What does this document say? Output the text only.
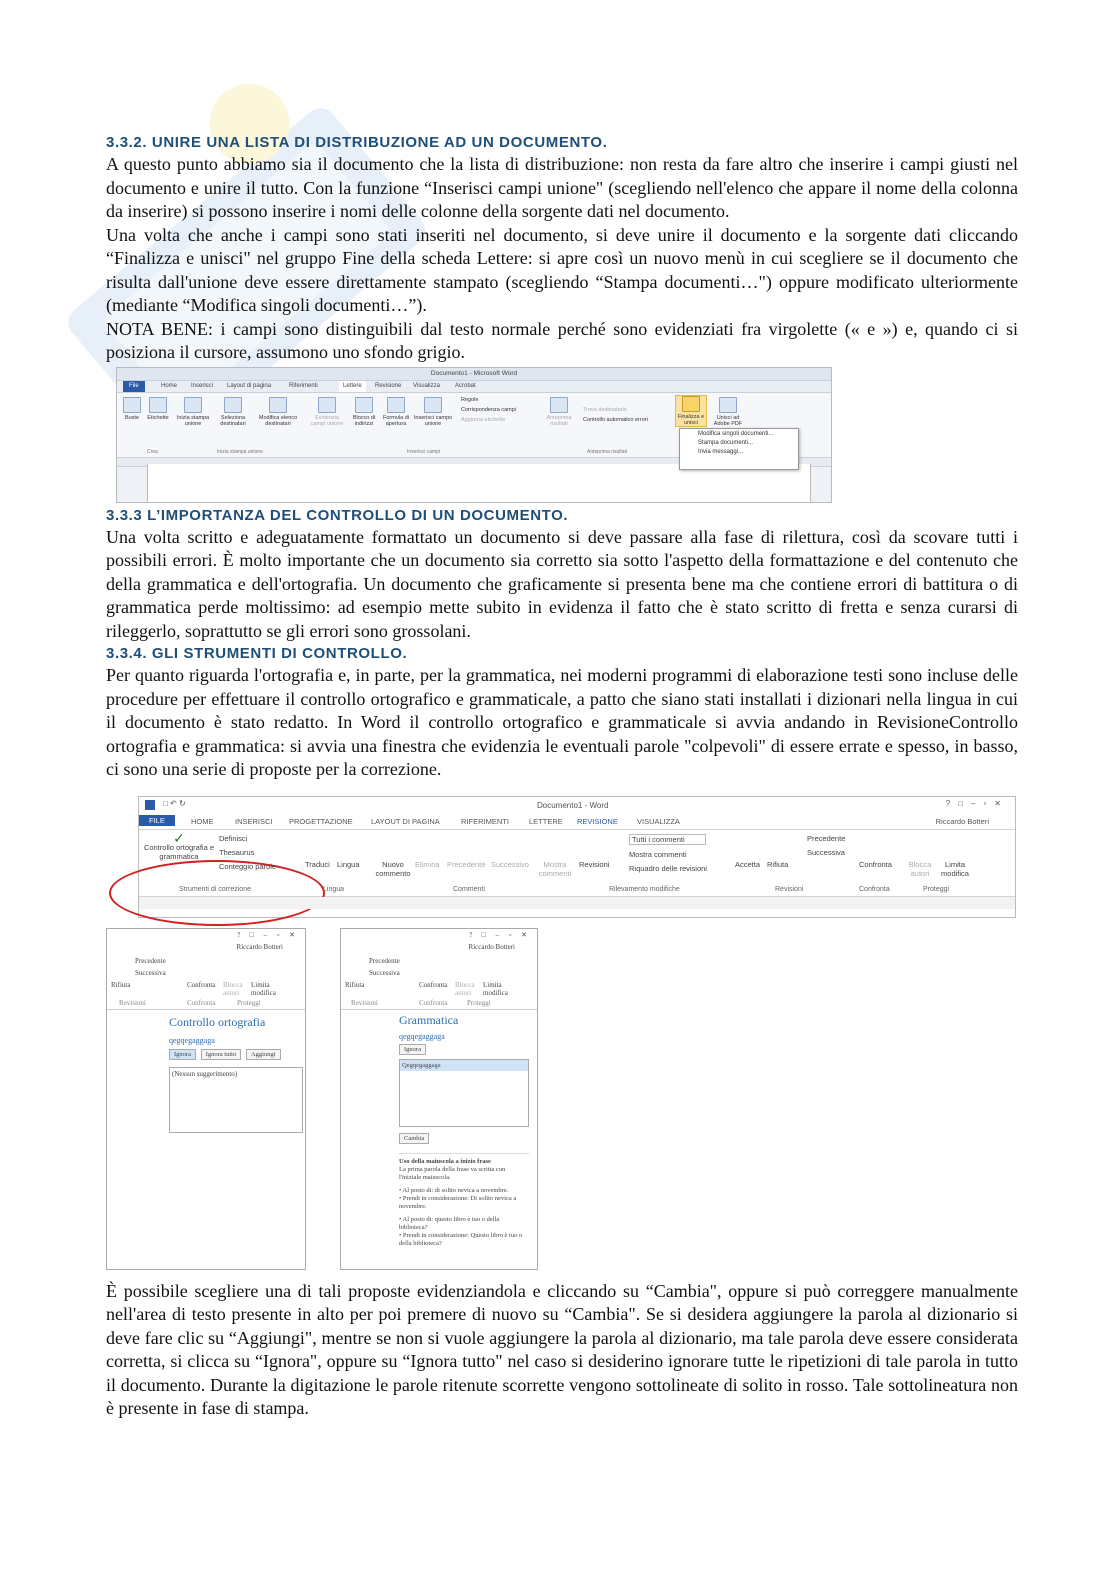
3.3.2. UNIRE UNA LISTA DI DISTRIBUZIONE AD UN DOCUMENTO.

A questo punto abbiamo sia il documento che la lista di distribuzione: non resta da fare altro che inserire i campi giusti nel documento e unire il tutto. Con la funzione “Inserisci campi unione" (scegliendo nell'elenco che appare il nome della colonna da inserire) si possono inserire i nomi delle colonne della sorgente dati nel documento.

Una volta che anche i campi sono stati inseriti nel documento, si deve unire il documento e la sorgente dati cliccando “Finalizza e unisci" nel gruppo Fine della scheda Lettere: si apre così un nuovo menù in cui scegliere se il documento che risulta dall'unione deve essere direttamente stampato (scegliendo “Stampa documenti…") oppure modificato ulteriormente (mediante “Modifica singoli documenti…”).

NOTA BENE: i campi sono distinguibili dal testo normale perché sono evidenziati fra virgolette (« e ») e, quando ci si posiziona il cursore, assumono uno sfondo grigio.

Documento1 - Microsoft Word
File	Home Inserisci Layout di pagina	Riferimenti	Lettere	Revisione Visualizza	Acrobat
Buste	Etichette	Inizia stampa unione
Seleziona destinatari
Modifica elenco destinatari
Evidenzia campi unione
Blocco di indirizzi
Formula di apertura
Inserisci campo unione
Regole
Corrispondenza campi
Aggiorna etichette	Anteprima risultati
Trova destinatario
Controllo automatico errori	Finalizza e unisci
Unisci ad Adobe PDF
Crea	Inizia stampa unione	Inserisci campi	Anteprima risultati
Modifica singoli documenti...
Stampa documenti...
Invia messaggi...
3.3.3 L’IMPORTANZA DEL CONTROLLO DI UN DOCUMENTO.

Una volta scritto e adeguatamente formattato un documento si deve passare alla fase di rilettura, così da scovare tutti i possibili errori. È molto importante che un documento sia corretto sia sotto l'aspetto della formattazione e del contenuto che della grammatica e dell'ortografia. Un documento che graficamente si presenta bene ma che contiene errori di battitura o di grammatica perde moltissimo: ad esempio mette subito in evidenza il fatto che è stato scritto di fretta e senza curarsi di rileggerlo, soprattutto se gli errori sono grossolani.

3.3.4. GLI STRUMENTI DI CONTROLLO.

Per quanto riguarda l'ortografia e, in parte, per la grammatica, nei moderni programmi di elaborazione testi sono incluse delle procedure per effettuare il controllo ortografico e grammaticale, a patto che siano stati installati i dizionari nella lingua in cui il documento è stato redatto. In Word il controllo ortografico e grammaticale si avvia andando in RevisioneControllo ortografia e grammatica: si avvia una finestra che evidenzia le eventuali parole "colpevoli" di essere errate e spesso, in basso, ci sono una serie di proposte per la correzione.

□ ↶ ↻	Documento1 - Word	?□–▫✕
FILE	HOME	INSERISCI PROGETTAZIONE LAYOUT DI PAGINA	RIFERIMENTI	LETTERE REVISIONE	VISUALIZZA	Riccardo Botteri
✓
Controllo ortografia e grammatica
Definisci
Thesaurus
Conteggio parole	Traduci Lingua	Nuovo commento
Elimina Precedente Successivo	Mostra commenti
Revisioni
Tutti i commenti
Mostra commenti
Riquadro delle revisioni	Accetta Rifiuta
Precedente
Successiva
Confronta Blocca autori
Limita modifica
Strumenti di correzione	Lingua	Commenti	Rilevamento modifiche	Revisioni	Confronta	Proteggi
? □ – ▫ ✕
Riccardo Botteri
Precedente
Successiva
Rifiuta	Confronta Blocca autori
Limita modifica
Revisioni	Confronta	Proteggi
Controllo ortografia
qegqegaggaga
Ignora Ignora tutto Aggiungi
(Nessun suggerimento)
? □ – ▫ ✕
Riccardo Botteri
Precedente
Successiva
Rifiuta	Confronta Blocca autori
Limita modifica
Revisioni	Confronta	Proteggi
Grammatica
qegqegaggaga
Ignora
Qegqegaggaga
Cambia
Uso della maiuscola a inizio frase
La prima parola della frase va scritta con l'iniziale maiuscola.
• Al posto di: di solito nevica a novembre.
• Prendi in considerazione: Di solito nevica a novembre.
• Al posto di: questo libro è tuo o della biblioteca?
• Prendi in considerazione: Questo libro è tuo o della biblioteca?

È possibile scegliere una di tali proposte evidenziandola e cliccando su “Cambia", oppure si può correggere manualmente nell'area di testo presente in alto per poi premere di nuovo su “Cambia". Se si desidera aggiungere la parola al dizionario si deve fare clic su “Aggiungi", mentre se non si vuole aggiungere la parola al dizionario, ma tale parola deve essere considerata corretta, si clicca su “Ignora", oppure su “Ignora tutto" nel caso si desiderino ignorare tutte le ripetizioni di tale parola in tutto il documento. Durante la digitazione le parole ritenute scorrette vengono sottolineate di solito in rosso. Tale sottolineatura non è presente in fase di stampa.
